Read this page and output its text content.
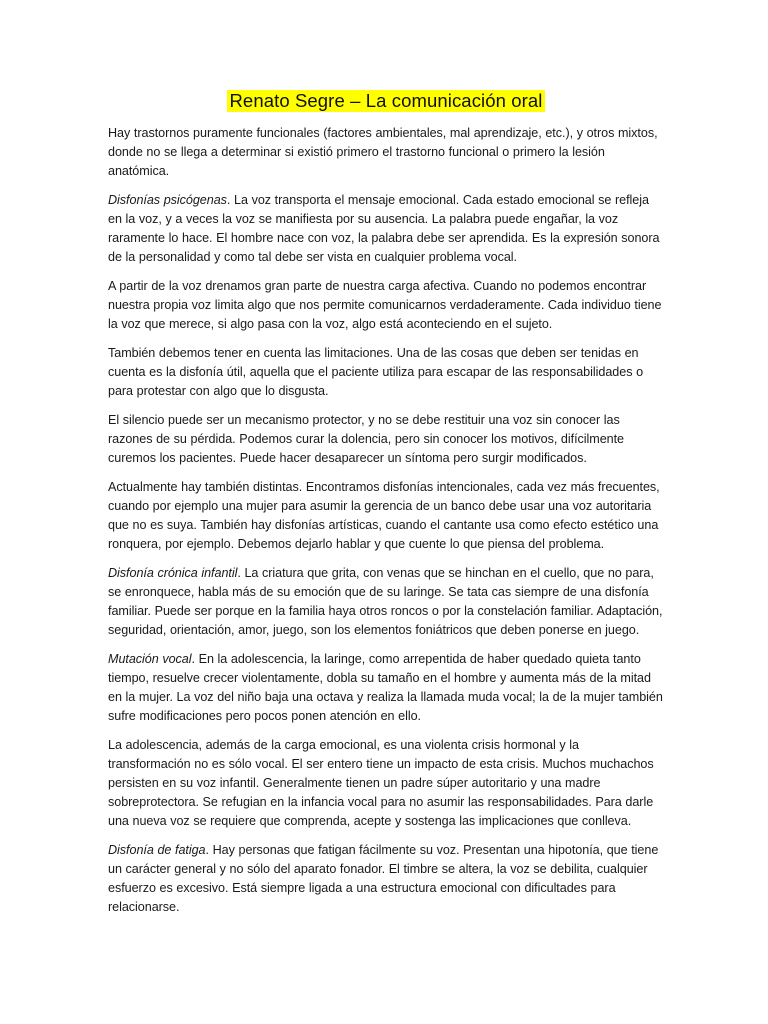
Renato Segre – La comunicación oral

Hay trastornos puramente funcionales (factores ambientales, mal aprendizaje, etc.), y otros mixtos, donde no se llega a determinar si existió primero el trastorno funcional o primero la lesión anatómica.

Disfonías psicógenas. La voz transporta el mensaje emocional. Cada estado emocional se refleja en la voz, y a veces la voz se manifiesta por su ausencia. La palabra puede engañar, la voz raramente lo hace. El hombre nace con voz, la palabra debe ser aprendida. Es la expresión sonora de la personalidad y como tal debe ser vista en cualquier problema vocal.

A partir de la voz drenamos gran parte de nuestra carga afectiva. Cuando no podemos encontrar nuestra propia voz limita algo que nos permite comunicarnos verdaderamente. Cada individuo tiene la voz que merece, si algo pasa con la voz, algo está aconteciendo en el sujeto.

También debemos tener en cuenta las limitaciones. Una de las cosas que deben ser tenidas en cuenta es la disfonía útil, aquella que el paciente utiliza para escapar de las responsabilidades o para protestar con algo que lo disgusta.

El silencio puede ser un mecanismo protector, y no se debe restituir una voz sin conocer las razones de su pérdida. Podemos curar la dolencia, pero sin conocer los motivos, difícilmente curemos los pacientes. Puede hacer desaparecer un síntoma pero surgir modificados.

Actualmente hay también distintas. Encontramos disfonías intencionales, cada vez más frecuentes, cuando por ejemplo una mujer para asumir la gerencia de un banco debe usar una voz autoritaria que no es suya. También hay disfonías artísticas, cuando el cantante usa como efecto estético una ronquera, por ejemplo. Debemos dejarlo hablar y que cuente lo que piensa del problema.

Disfonía crónica infantil. La criatura que grita, con venas que se hinchan en el cuello, que no para, se enronquece, habla más de su emoción que de su laringe. Se tata cas siempre de una disfonía familiar. Puede ser porque en la familia haya otros roncos o por la constelación familiar. Adaptación, seguridad, orientación, amor, juego, son los elementos foniátricos que deben ponerse en juego.

Mutación vocal. En la adolescencia, la laringe, como arrepentida de haber quedado quieta tanto tiempo, resuelve crecer violentamente, dobla su tamaño en el hombre y aumenta más de la mitad en la mujer. La voz del niño baja una octava y realiza la llamada muda vocal; la de la mujer también sufre modificaciones pero pocos ponen atención en ello.

La adolescencia, además de la carga emocional, es una violenta crisis hormonal y la transformación no es sólo vocal. El ser entero tiene un impacto de esta crisis. Muchos muchachos persisten en su voz infantil. Generalmente tienen un padre súper autoritario y una madre sobreprotectora. Se refugian en la infancia vocal para no asumir las responsabilidades. Para darle una nueva voz se requiere que comprenda, acepte y sostenga las implicaciones que conlleva.

Disfonía de fatiga. Hay personas que fatigan fácilmente su voz. Presentan una hipotonía, que tiene un carácter general y no sólo del aparato fonador. El timbre se altera, la voz se debilita, cualquier esfuerzo es excesivo. Está siempre ligada a una estructura emocional con dificultades para relacionarse.
